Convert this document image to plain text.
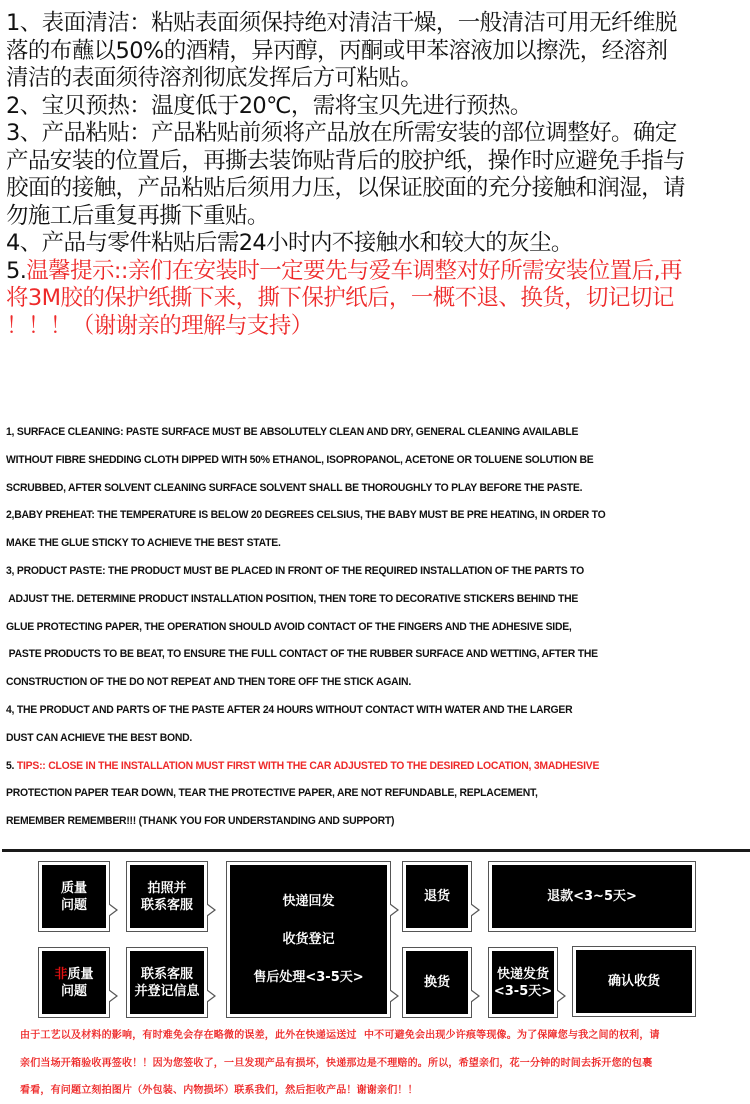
1、表面清洁：粘贴表面须保持绝对清洁干燥，一般清洁可用无纤维脱
落的布蘸以50%的酒精，异丙醇，丙酮或甲苯溶液加以擦洗，经溶剂
清洁的表面须待溶剂彻底发挥后方可粘贴。
2、宝贝预热：温度低于20℃，需将宝贝先进行预热。
3、产品粘贴：产品粘贴前须将产品放在所需安装的部位调整好。确定
产品安装的位置后，再撕去装饰贴背后的胶护纸，操作时应避免手指与
胶面的接触，产品粘贴后须用力压，以保证胶面的充分接触和润湿，请
勿施工后重复再撕下重贴。
4、产品与零件粘贴后需24小时内不接触水和较大的灰尘。
5.温馨提示::亲们在安装时一定要先与爱车调整对好所需安装位置后,再
将3M胶的保护纸撕下来，撕下保护纸后，一概不退、换货，切记切记
！！！（谢谢亲的理解与支持）
1, SURFACE CLEANING: PASTE SURFACE MUST BE ABSOLUTELY CLEAN AND DRY, GENERAL CLEANING AVAILABLE
WITHOUT FIBRE SHEDDING CLOTH DIPPED WITH 50% ETHANOL, ISOPROPANOL, ACETONE OR TOLUENE SOLUTION BE
SCRUBBED, AFTER SOLVENT CLEANING SURFACE SOLVENT SHALL BE THOROUGHLY TO PLAY BEFORE THE PASTE.
2,BABY PREHEAT: THE TEMPERATURE IS BELOW 20 DEGREES CELSIUS, THE BABY MUST BE PRE HEATING, IN ORDER TO
MAKE THE GLUE STICKY TO ACHIEVE THE BEST STATE.
3, PRODUCT PASTE: THE PRODUCT MUST BE PLACED IN FRONT OF THE REQUIRED INSTALLATION OF THE PARTS TO
ADJUST THE. DETERMINE PRODUCT INSTALLATION POSITION, THEN TORE TO DECORATIVE STICKERS BEHIND THE
GLUE PROTECTING PAPER, THE OPERATION SHOULD AVOID CONTACT OF THE FINGERS AND THE ADHESIVE SIDE,
PASTE PRODUCTS TO BE BEAT, TO ENSURE THE FULL CONTACT OF THE RUBBER SURFACE AND WETTING, AFTER THE
CONSTRUCTION OF THE DO NOT REPEAT AND THEN TORE OFF THE STICK AGAIN.
4, THE PRODUCT AND PARTS OF THE PASTE AFTER 24 HOURS WITHOUT CONTACT WITH WATER AND THE LARGER
DUST CAN ACHIEVE THE BEST BOND.
5. TIPS:: CLOSE IN THE INSTALLATION MUST FIRST WITH THE CAR ADJUSTED TO THE DESIRED LOCATION, 3MADHESIVE
PROTECTION PAPER TEAR DOWN, TEAR THE PROTECTIVE PAPER, ARE NOT REFUNDABLE, REPLACEMENT,
REMEMBER REMEMBER!!! (THANK YOU FOR UNDERSTANDING AND SUPPORT)
质量
问题
拍照并
联系客服
非质量
问题
联系客服
并登记信息
快递回发
收货登记
售后处理<3-5天>
退货	退款<3~5天>
换货
快递发货
<3-5天>
确认收货
由于工艺以及材料的影响，有时难免会存在略微的误差，此外在快递运送过  中不可避免会出现少许痕等现像。为了保障您与我之间的权利，请
亲们当场开箱验收再签收！！因为您签收了，一旦发现产品有损坏，快递那边是不理赔的。所以，希望亲们，花一分钟的时间去拆开您的包裹
看看，有问题立刻拍图片（外包装、内物损坏）联系我们，然后拒收产品！谢谢亲们！！
